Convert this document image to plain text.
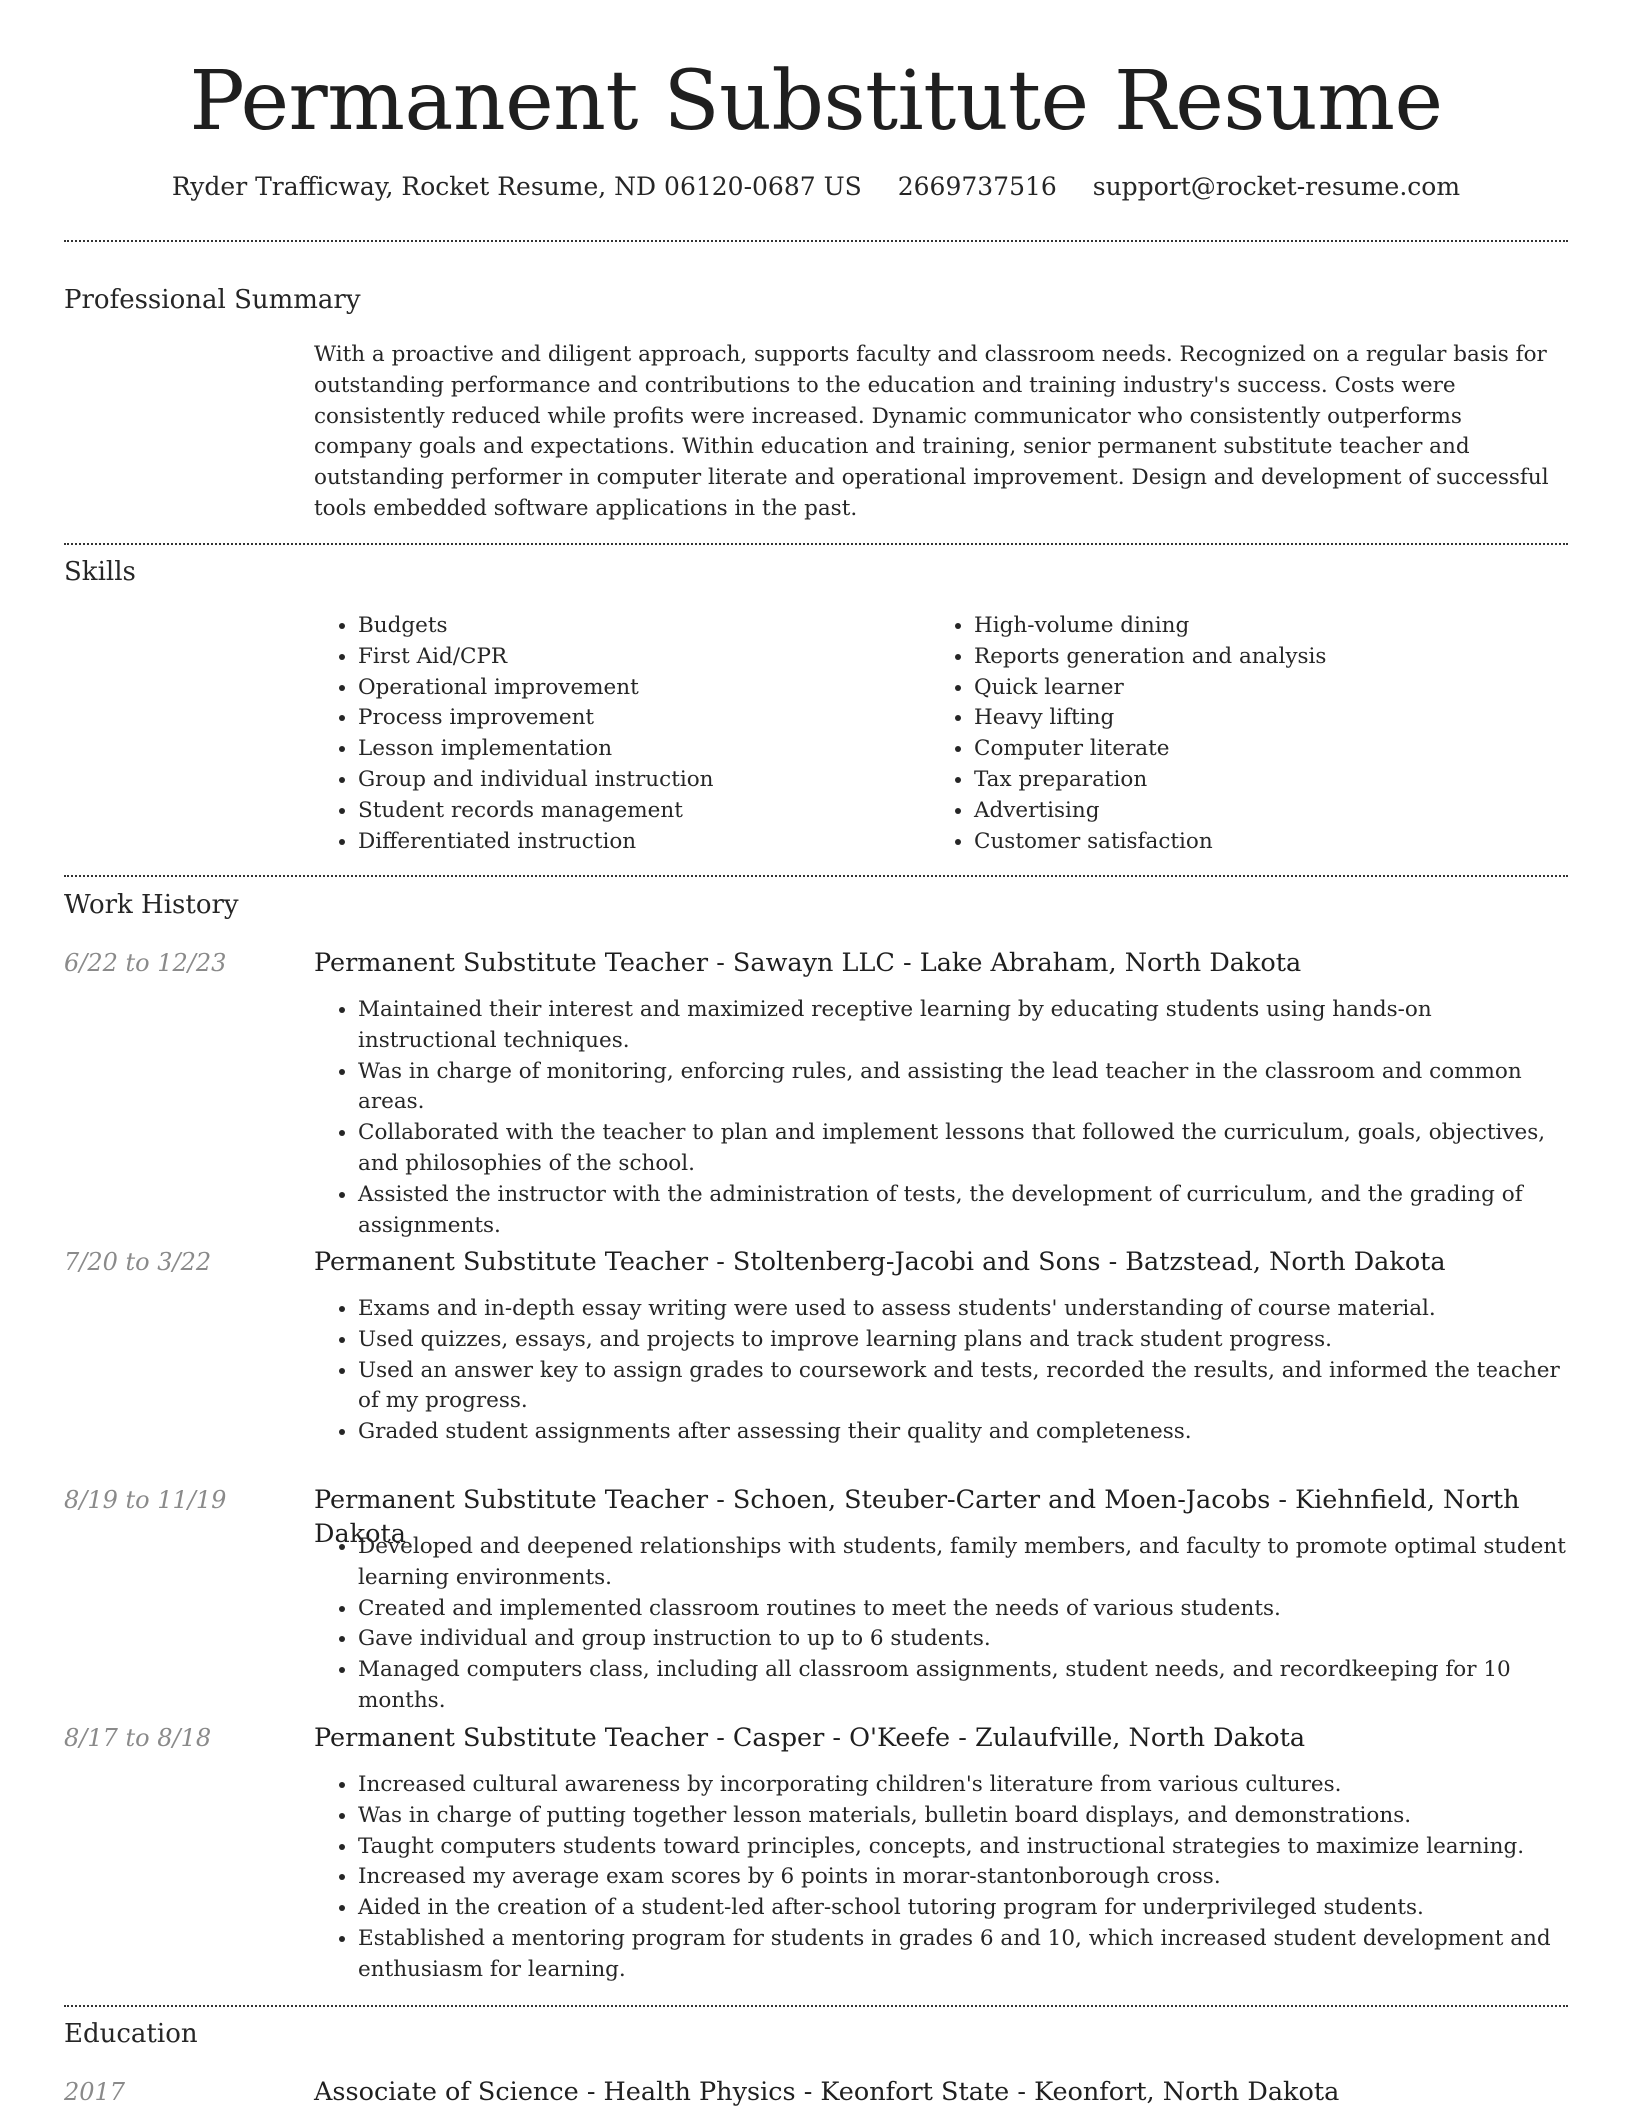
Permanent Substitute Resume
Ryder Trafficway, Rocket Resume, ND 06120-0687 US 2669737516 support@rocket-resume.com
Professional Summary

With a proactive and diligent approach, supports faculty and classroom needs. Recognized on a regular basis for outstanding performance and contributions to the education and training industry's success. Costs were consistently reduced while profits were increased. Dynamic communicator who consistently outperforms company goals and expectations. Within education and training, senior permanent substitute teacher and outstanding performer in computer literate and operational improvement. Design and development of successful tools embedded software applications in the past.

Skills
• Budgets
• First Aid/CPR
• Operational improvement
• Process improvement
• Lesson implementation
• Group and individual instruction
• Student records management
• Differentiated instruction
• High-volume dining
• Reports generation and analysis
• Quick learner
• Heavy lifting
• Computer literate
• Tax preparation
• Advertising
• Customer satisfaction
Work History
6/22 to 12/23	Permanent Substitute Teacher - Sawayn LLC - Lake Abraham, North Dakota
• Maintained their interest and maximized receptive learning by educating students using hands-on instructional techniques.
• Was in charge of monitoring, enforcing rules, and assisting the lead teacher in the classroom and common areas.
• Collaborated with the teacher to plan and implement lessons that followed the curriculum, goals, objectives, and philosophies of the school.
• Assisted the instructor with the administration of tests, the development of curriculum, and the grading of assignments.
7/20 to 3/22	Permanent Substitute Teacher - Stoltenberg-Jacobi and Sons - Batzstead, North Dakota
• Exams and in-depth essay writing were used to assess students' understanding of course material.
• Used quizzes, essays, and projects to improve learning plans and track student progress.
• Used an answer key to assign grades to coursework and tests, recorded the results, and informed the teacher of my progress.
• Graded student assignments after assessing their quality and completeness.
8/19 to 11/19	Permanent Substitute Teacher - Schoen, Steuber-Carter and Moen-Jacobs - Kiehnfield, North Dakota
• Developed and deepened relationships with students, family members, and faculty to promote optimal student learning environments.
• Created and implemented classroom routines to meet the needs of various students.
• Gave individual and group instruction to up to 6 students.
• Managed computers class, including all classroom assignments, student needs, and recordkeeping for 10 months.
8/17 to 8/18	Permanent Substitute Teacher - Casper - O'Keefe - Zulaufville, North Dakota
• Increased cultural awareness by incorporating children's literature from various cultures.
• Was in charge of putting together lesson materials, bulletin board displays, and demonstrations.
• Taught computers students toward principles, concepts, and instructional strategies to maximize learning.
• Increased my average exam scores by 6 points in morar-stantonborough cross.
• Aided in the creation of a student-led after-school tutoring program for underprivileged students.
• Established a mentoring program for students in grades 6 and 10, which increased student development and enthusiasm for learning.
Education
2017	Associate of Science - Health Physics - Keonfort State - Keonfort, North Dakota
